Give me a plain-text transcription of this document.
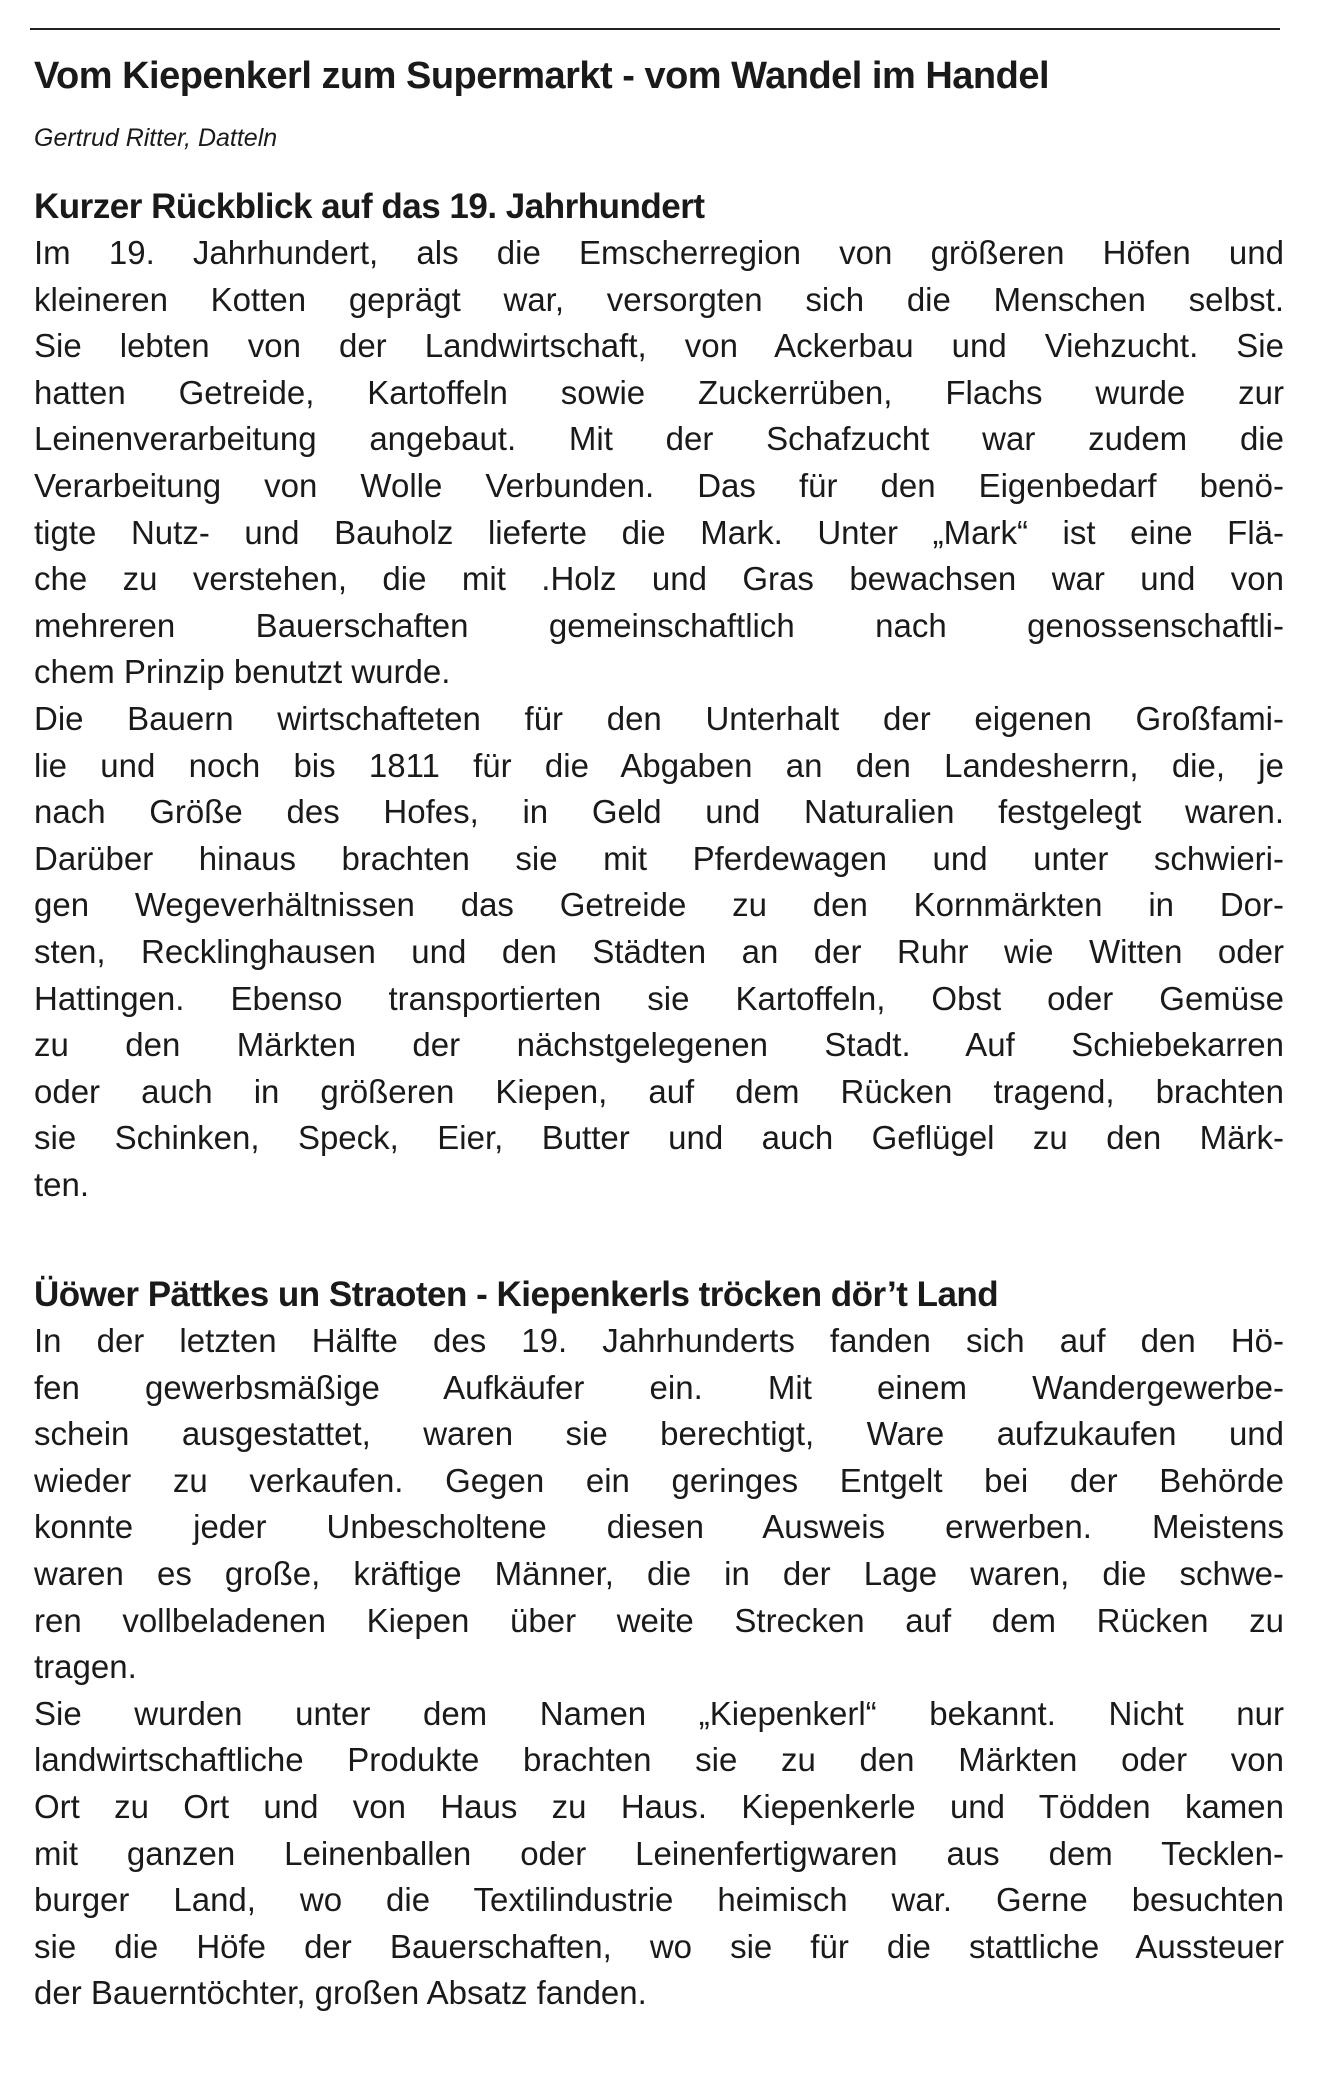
Vom Kiepenkerl zum Supermarkt - vom Wandel im Handel
Gertrud Ritter, Datteln
Kurzer Rückblick auf das 19. Jahrhundert
Im 19. Jahrhundert, als die Emscherregion von größeren Höfen und
kleineren Kotten geprägt war, versorgten sich die Menschen selbst.
Sie lebten von der Landwirtschaft, von Ackerbau und Viehzucht. Sie
hatten Getreide, Kartoffeln sowie Zuckerrüben, Flachs wurde zur
Leinenverarbeitung angebaut. Mit der Schafzucht war zudem die
Verarbeitung von Wolle Verbunden. Das für den Eigenbedarf benö-
tigte Nutz- und Bauholz lieferte die Mark. Unter „Mark“ ist eine Flä-
che zu verstehen, die mit .Holz und Gras bewachsen war und von
mehreren Bauerschaften gemeinschaftlich nach genossenschaftli-
chem Prinzip benutzt wurde.
Die Bauern wirtschafteten für den Unterhalt der eigenen Großfami-
lie und noch bis 1811 für die Abgaben an den Landesherrn, die, je
nach Größe des Hofes, in Geld und Naturalien festgelegt waren.
Darüber hinaus brachten sie mit Pferdewagen und unter schwieri-
gen Wegeverhältnissen das Getreide zu den Kornmärkten in Dor-
sten, Recklinghausen und den Städten an der Ruhr wie Witten oder
Hattingen. Ebenso transportierten sie Kartoffeln, Obst oder Gemüse
zu den Märkten der nächstgelegenen Stadt. Auf Schiebekarren
oder auch in größeren Kiepen, auf dem Rücken tragend, brachten
sie Schinken, Speck, Eier, Butter und auch Geflügel zu den Märk-
ten.
Üöwer Pättkes un Straoten - Kiepenkerls tröcken dör’t Land
In der letzten Hälfte des 19. Jahrhunderts fanden sich auf den Hö-
fen gewerbsmäßige Aufkäufer ein. Mit einem Wandergewerbe-
schein ausgestattet, waren sie berechtigt, Ware aufzukaufen und
wieder zu verkaufen. Gegen ein geringes Entgelt bei der Behörde
konnte jeder Unbescholtene diesen Ausweis erwerben. Meistens
waren es große, kräftige Männer, die in der Lage waren, die schwe-
ren vollbeladenen Kiepen über weite Strecken auf dem Rücken zu
tragen.
Sie wurden unter dem Namen „Kiepenkerl“ bekannt. Nicht nur
landwirtschaftliche Produkte brachten sie zu den Märkten oder von
Ort zu Ort und von Haus zu Haus. Kiepenkerle und Tödden kamen
mit ganzen Leinenballen oder Leinenfertigwaren aus dem Tecklen-
burger Land, wo die Textilindustrie heimisch war. Gerne besuchten
sie die Höfe der Bauerschaften, wo sie für die stattliche Aussteuer
der Bauerntöchter, großen Absatz fanden.
